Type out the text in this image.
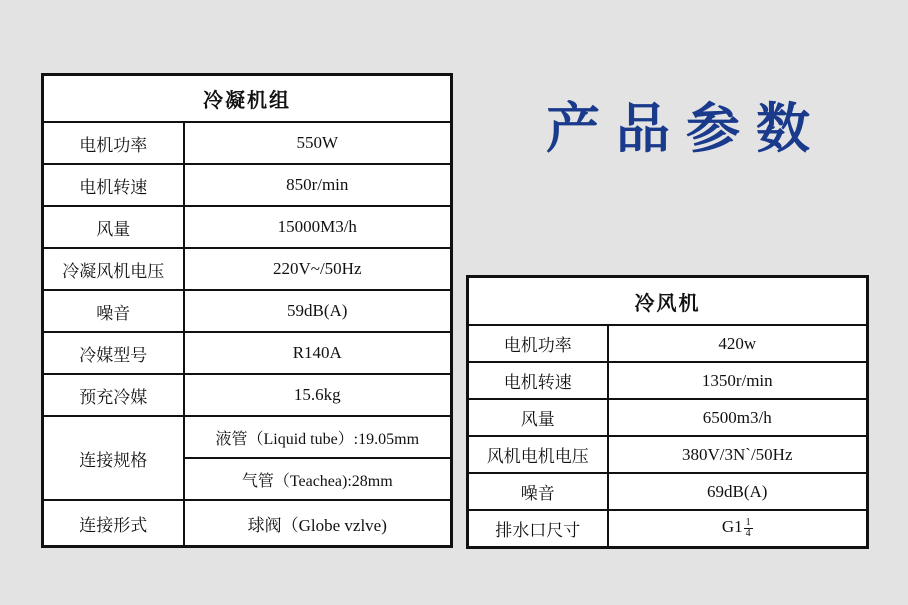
产品参数
冷凝机组	
电机功率	550W
电机转速	850r/min
风量	15000M3/h
冷凝风机电压	220V~/50Hz
噪音	59dB(A)
冷媒型号	R140A
预充冷媒	15.6kg
连接规格	液管（Liquid tube）:19.05mm
	气管（Teachea):28mm
连接形式	球阀（Globe vzlve)
冷风机	
电机功率	420w
电机转速	1350r/min
风量	6500m3/h
风机电机电压	380V/3N`/50Hz
噪音	69dB(A)
排水口尺寸	$G1 \frac{1}{4}$
